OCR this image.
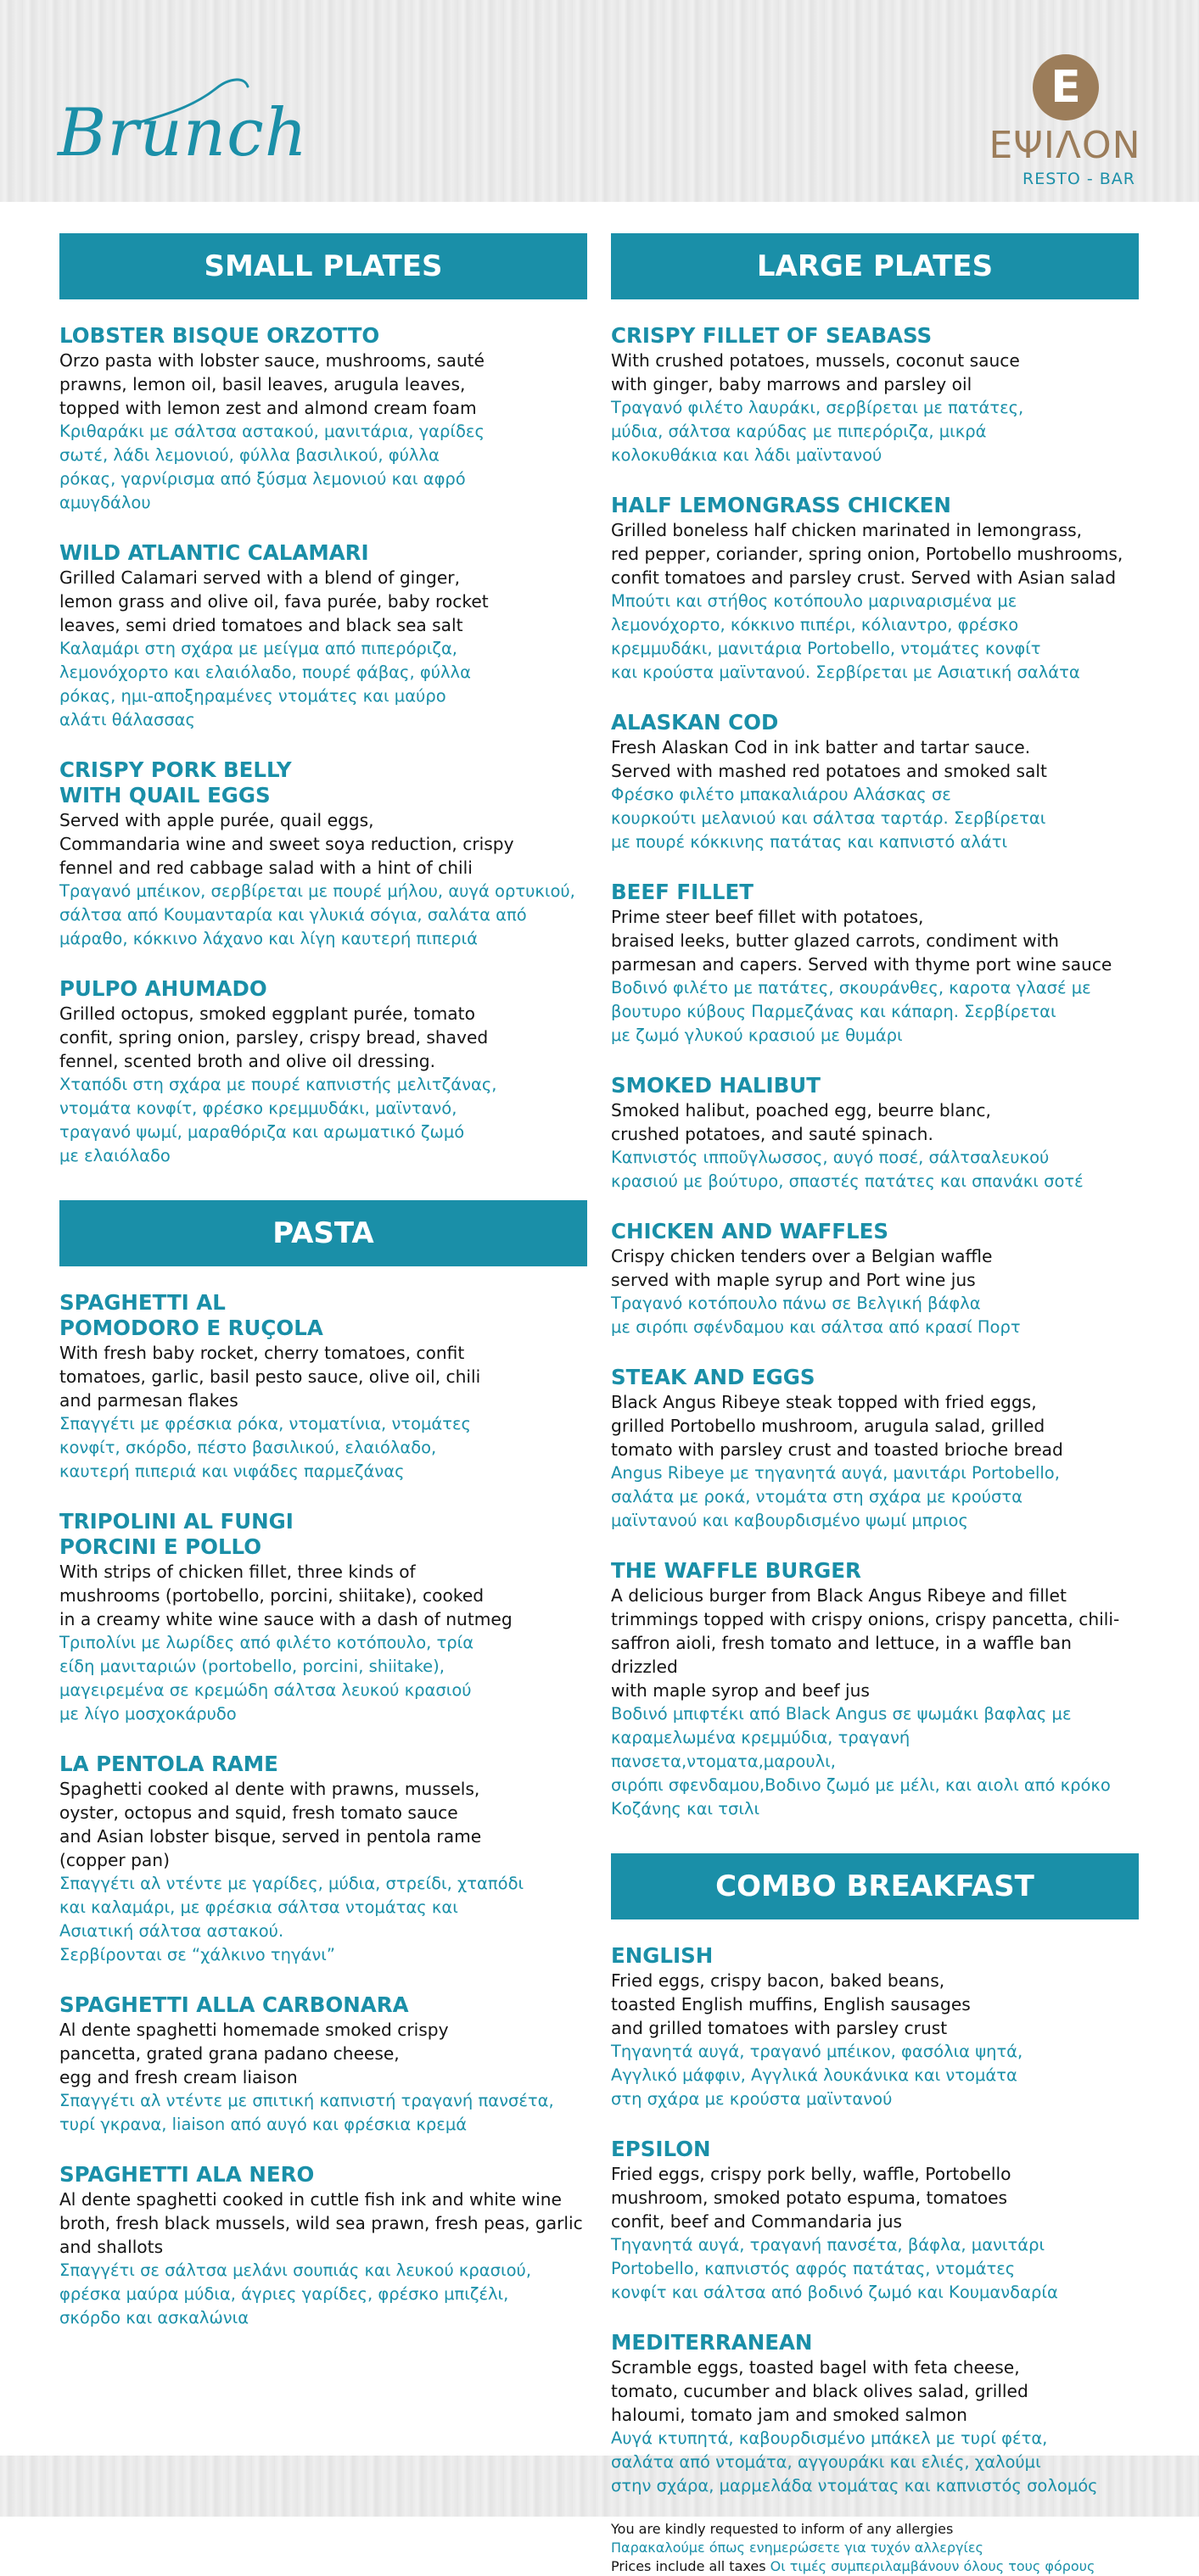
Brunch
Ε
ΕΨΙΛΟΝ
RESTO - BAR
SMALL PLATES
LOBSTER BISQUE ORZOTTO
Orzo pasta with lobster sauce, mushrooms, sauté
prawns, lemon oil, basil leaves, arugula leaves,
topped with lemon zest and almond cream foam
Κριθαράκι με σάλτσα αστακού, μανιτάρια, γαρίδες
σωτέ, λάδι λεμονιού, φύλλα βασιλικού, φύλλα
ρόκας, γαρνίρισμα από ξύσμα λεμονιού και αφρό
αμυγδάλου
WILD ATLANTIC CALAMARI
Grilled Calamari served with a blend of ginger,
lemon grass and olive oil, fava purée, baby rocket
leaves, semi dried tomatoes and black sea salt
Καλαμάρι στη σχάρα με μείγμα από πιπερόριζα,
λεμονόχορτο και ελαιόλαδο, πουρέ φάβας, φύλλα
ρόκας, ημι-αποξηραμένες ντομάτες και μαύρο
αλάτι θάλασσας
CRISPY PORK BELLY
WITH QUAIL EGGS
Served with apple purée, quail eggs,
Commandaria wine and sweet soya reduction, crispy
fennel and red cabbage salad with a hint of chili
Τραγανό μπέικον, σερβίρεται με πουρέ μήλου, αυγά ορτυκιού,
σάλτσα από Κουμανταρία και γλυκιά σόγια, σαλάτα από
μάραθο, κόκκινο λάχανο και λίγη καυτερή πιπεριά
PULPO AHUMADO
Grilled octopus, smoked eggplant purée, tomato
confit, spring onion, parsley, crispy bread, shaved
fennel, scented broth and olive oil dressing.
Χταπόδι στη σχάρα με πουρέ καπνιστής μελιτζάνας,
ντομάτα κονφίτ, φρέσκο κρεμμυδάκι, μαϊντανό,
τραγανό ψωμί, μαραθόριζα και αρωματικό ζωμό
με ελαιόλαδο
PASTA
SPAGHETTI AL
POMODORO E RUÇOLA
With fresh baby rocket, cherry tomatoes, confit
tomatoes, garlic, basil pesto sauce, olive oil, chili
and parmesan flakes
Σπαγγέτι με φρέσκια ρόκα, ντοματίνια, ντομάτες
κονφίτ, σκόρδο, πέστο βασιλικού, ελαιόλαδο,
καυτερή πιπεριά και νιφάδες παρμεζάνας
TRIPOLINI AL FUNGI
PORCINI E POLLO
With strips of chicken fillet, three kinds of
mushrooms (portobello, porcini, shiitake), cooked
in a creamy white wine sauce with a dash of nutmeg
Τριπολίνι με λωρίδες από φιλέτο κοτόπουλο, τρία
είδη μανιταριών (portobello, porcini, shiitake),
μαγειρεμένα σε κρεμώδη σάλτσα λευκού κρασιού
με λίγο μοσχοκάρυδο
LA PENTOLA RAME
Spaghetti cooked al dente with prawns, mussels,
oyster, octopus and squid, fresh tomato sauce
and Asian lobster bisque, served in pentola rame
(copper pan)
Σπαγγέτι αλ ντέντε με γαρίδες, μύδια, στρείδι, χταπόδι
και καλαμάρι, με φρέσκια σάλτσα ντομάτας και
Ασιατική σάλτσα αστακού.
Σερβίρονται σε “χάλκινο τηγάνι”
SPAGHETTI ALLA CARBONARA
Al dente spaghetti homemade smoked crispy
pancetta, grated grana padano cheese,
egg and fresh cream liaison
Σπαγγέτι αλ ντέντε με σπιτική καπνιστή τραγανή πανσέτα,
τυρί γκρανα, liaison από αυγό και φρέσκια κρεμά
SPAGHETTI ALA NERO
Al dente spaghetti cooked in cuttle fish ink and white wine
broth, fresh black mussels, wild sea prawn, fresh peas, garlic
and shallots
Σπαγγέτι σε σάλτσα μελάνι σουπιάς και λευκού κρασιού,
φρέσκα μαύρα μύδια, άγριες γαρίδες, φρέσκο μπιζέλι,
σκόρδο και ασκαλώνια
LARGE PLATES
CRISPY FILLET OF SEABASS
With crushed potatoes, mussels, coconut sauce
with ginger, baby marrows and parsley oil
Τραγανό φιλέτο λαυράκι, σερβίρεται με πατάτες,
μύδια, σάλτσα καρύδας με πιπερόριζα, μικρά
κολοκυθάκια και λάδι μαϊντανού
HALF LEMONGRASS CHICKEN
Grilled boneless half chicken marinated in lemongrass,
red pepper, coriander, spring onion, Portobello mushrooms,
confit tomatoes and parsley crust. Served with Asian salad
Μπούτι και στήθος κοτόπουλο μαριναρισμένα με
λεμονόχορτο, κόκκινο πιπέρι, κόλιαντρο, φρέσκο
κρεμμυδάκι, μανιτάρια Portobello, ντομάτες κονφίτ
και κρούστα μαϊντανού. Σερβίρεται με Ασιατική σαλάτα
ALASKAN COD
Fresh Alaskan Cod in ink batter and tartar sauce.
Served with mashed red potatoes and smoked salt
Φρέσκο φιλέτο μπακαλιάρου Αλάσκας σε
κουρκούτι μελανιού και σάλτσα ταρτάρ. Σερβίρεται
με πουρέ κόκκινης πατάτας και καπνιστό αλάτι
BEEF FILLET
Prime steer beef fillet with potatoes,
braised leeks, butter glazed carrots, condiment with
parmesan and capers. Served with thyme port wine sauce
Βοδινό φιλέτο με πατάτες, σκουράνθες, καροτα γλασέ με
βουτυρο κύβους Παρμεζάνας και κάπαρη. Σερβίρεται
με ζωμό γλυκού κρασιού με θυμάρι
SMOKED HALIBUT
Smoked halibut, poached egg, beurre blanc,
crushed potatoes, and sauté spinach.
Καπνιστός ιπποῦγλωσσος, αυγό ποσέ, σάλτσαλευκού
κρασιού με βούτυρο, σπαστές πατάτες και σπανάκι σοτέ
CHICKEN AND WAFFLES
Crispy chicken tenders over a Belgian waffle
served with maple syrup and Port wine jus
Τραγανό κοτόπουλο πάνω σε Βελγική βάφλα
με σιρόπι σφένδαμου και σάλτσα από κρασί Πορτ
STEAK AND EGGS
Black Angus Ribeye steak topped with fried eggs,
grilled Portobello mushroom, arugula salad, grilled
tomato with parsley crust and toasted brioche bread
Angus Ribeye με τηγανητά αυγά, μανιτάρι Portobello,
σαλάτα με ροκά, ντομάτα στη σχάρα με κρούστα
μαϊντανού και καβουρδισμένο ψωμί μπριος
THE WAFFLE BURGER
A delicious burger from Black Angus Ribeye and fillet
trimmings topped with crispy onions, crispy pancetta, chili-
saffron aioli, fresh tomato and lettuce, in a waffle ban drizzled
with maple syrop and beef jus
Βοδινό μπιφτέκι από Black Angus σε ψωμάκι βαφλας με
καραμελωμένα κρεμμύδια, τραγανή πανσετα,ντοματα,μαρουλι,
σιρόπι σφενδαμου,Βοδινο ζωμό με μέλι, και αιολι από κρόκο
Κοζάνης και τσιλι
COMBO BREAKFAST
ENGLISH
Fried eggs, crispy bacon, baked beans,
toasted English muffins, English sausages
and grilled tomatoes with parsley crust
Τηγανητά αυγά, τραγανό μπέικον, φασόλια ψητά,
Αγγλικό μάφφιν, Αγγλικά λουκάνικα και ντομάτα
στη σχάρα με κρούστα μαϊντανού
EPSILON
Fried eggs, crispy pork belly, waffle, Portobello
mushroom, smoked potato espuma, tomatoes
confit, beef and Commandaria jus
Τηγανητά αυγά, τραγανή πανσέτα, βάφλα, μανιτάρι
Portobello, καπνιστός αφρός πατάτας, ντομάτες
κονφίτ και σάλτσα από βοδινό ζωμό και Κουμανδαρία
MEDITERRANEAN
Scramble eggs, toasted bagel with feta cheese,
tomato, cucumber and black olives salad, grilled
haloumi, tomato jam and smoked salmon
Αυγά κτυπητά, καβουρδισμένο μπάκελ με τυρί φέτα,
σαλάτα από ντομάτα, αγγουράκι και ελιές, χαλούμι
στην σχάρα, μαρμελάδα ντομάτας και καπνιστός σολομός
You are kindly requested to inform of any allergies
Παρακαλούμε όπως ενημερώσετε για τυχόν αλλεργίες
Prices include all taxes Οι τιμές συμπεριλαμβάνουν όλους τους φόρους
